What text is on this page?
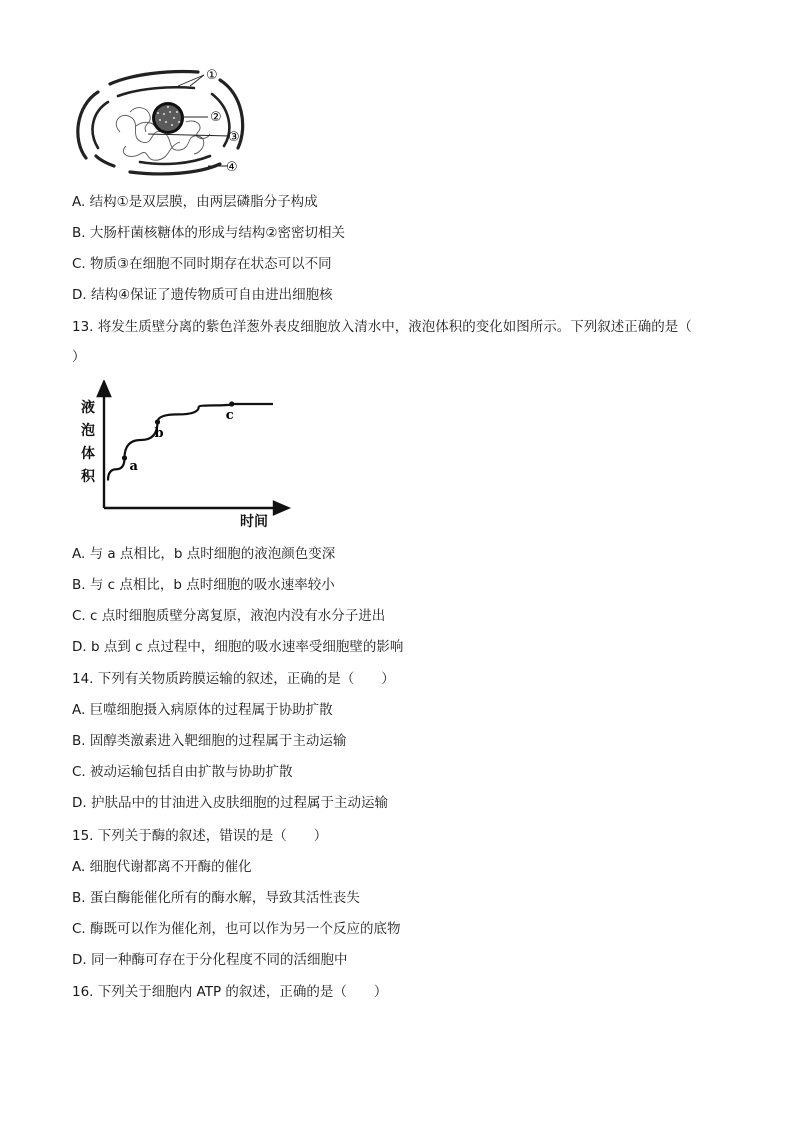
①
②
③
④
A. 结构①是双层膜，由两层磷脂分子构成
B. 大肠杆菌核糖体的形成与结构②密密切相关
C. 物质③在细胞不同时期存在状态可以不同
D. 结构④保证了遗传物质可自由进出细胞核
13. 将发生质壁分离的紫色洋葱外表皮细胞放入清水中，液泡体积的变化如图所示。下列叙述正确的是（
）
a
b
c
液
泡
体
积
时间
A. 与 a 点相比，b 点时细胞的液泡颜色变深
B. 与 c 点相比，b 点时细胞的吸水速率较小
C. c 点时细胞质壁分离复原，液泡内没有水分子进出
D. b 点到 c 点过程中，细胞的吸水速率受细胞壁的影响
14. 下列有关物质跨膜运输的叙述，正确的是（　　）
A. 巨噬细胞摄入病原体的过程属于协助扩散
B. 固醇类激素进入靶细胞的过程属于主动运输
C. 被动运输包括自由扩散与协助扩散
D. 护肤品中的甘油进入皮肤细胞的过程属于主动运输
15. 下列关于酶的叙述，错误的是（　　）
A. 细胞代谢都离不开酶的催化
B. 蛋白酶能催化所有的酶水解，导致其活性丧失
C. 酶既可以作为催化剂，也可以作为另一个反应的底物
D. 同一种酶可存在于分化程度不同的活细胞中
16. 下列关于细胞内 ATP 的叙述，正确的是（　　）
